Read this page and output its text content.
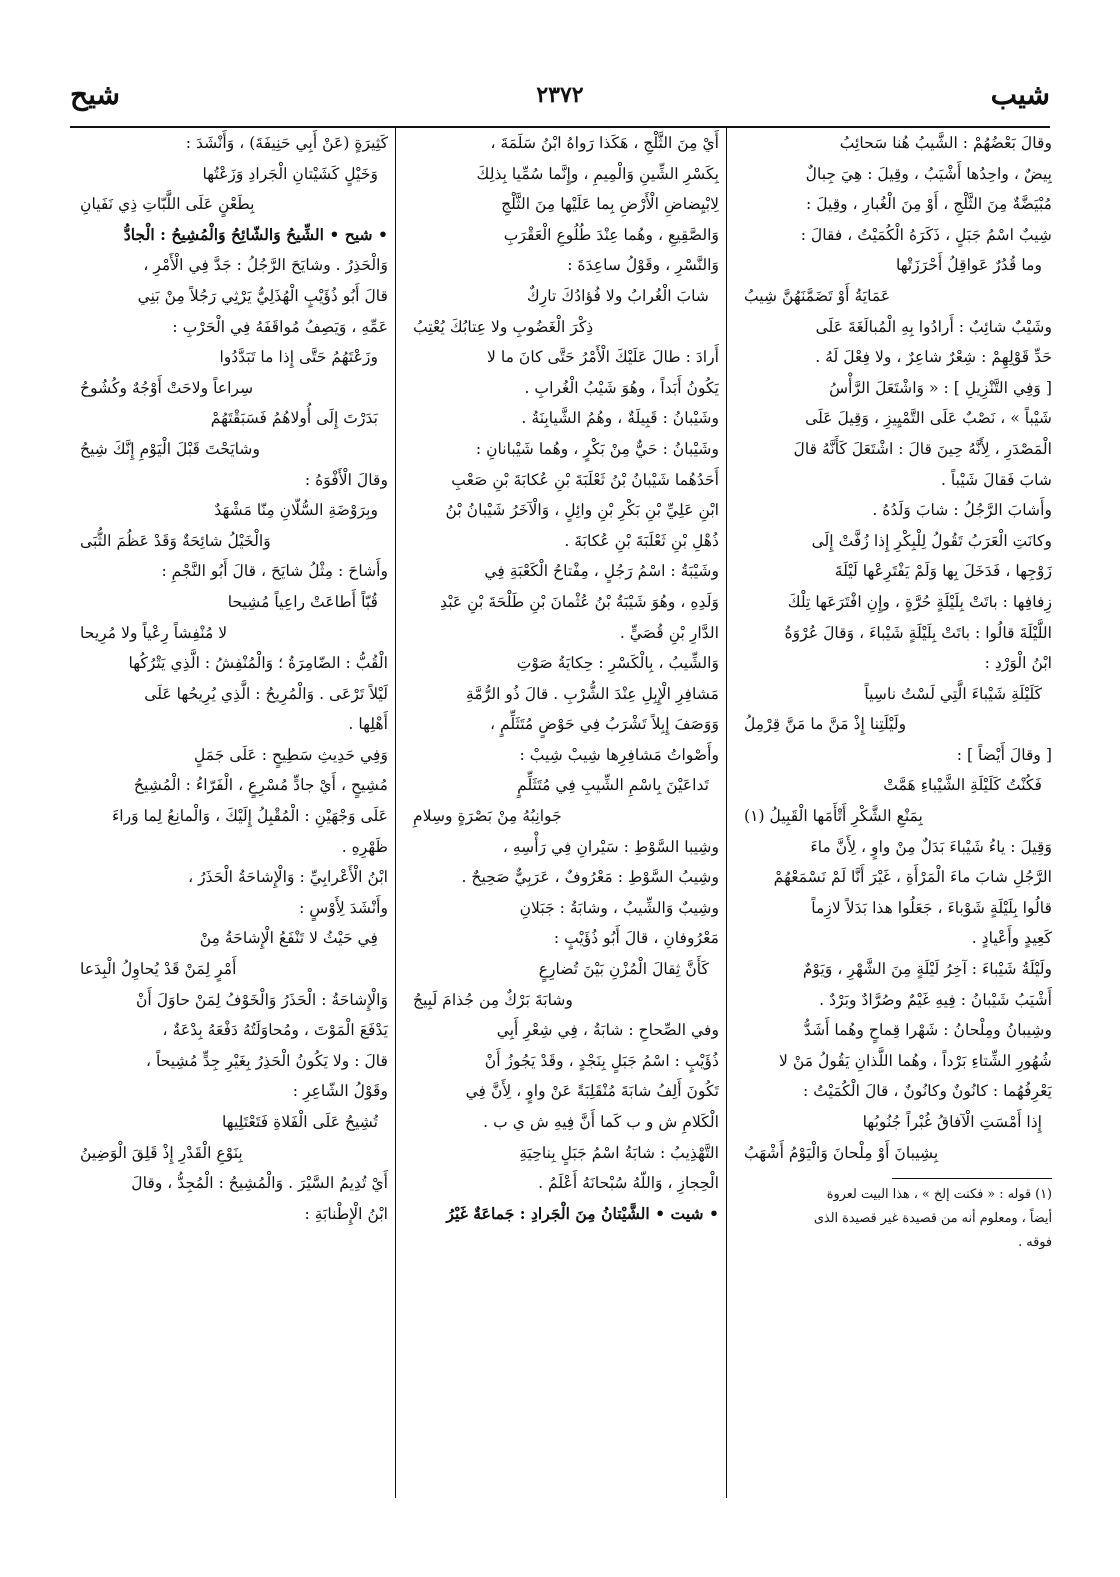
شيب
٢٣٧٢
شيح

وقالَ بَعْضُهُمْ : الشَّيبُ هُنا سَحائِبُ

بِيضٌ ، واحِدُها أَشْيَبُ ، وقِيلَ : هِيَ جِبالٌ

مُبْيَضَّةٌ مِنَ الثَّلْجِ ، أَوْ مِنَ الْغُبارِ ، وقِيلَ :

شِيبٌ اسْمُ جَبَلٍ ، ذَكَرَهُ الْكُمَيْتُ ، فقالَ :

وما قُدُرٌ عَواقِلُ أَحْرَزَتْها

عَمَايَةُ أَوْ تَضَمَّنَهُنَّ شِيبُ

وشَيْبٌ شائِبٌ : أَرادُوا بِهِ الْمُبالَغَةَ عَلَى

حَدِّ قَوْلِهِمْ : شِعْرٌ شاعِرٌ ، ولا فِعْلَ لَهُ .

[ وَفِي التَّنْزِيلِ ] : « وَاشْتَعَلَ الرَّأْسُ

شَيْباً » ، نَصْبٌ عَلَى التَّمْيِيزِ ، وَقِيلَ عَلَى

الْمَصْدَرِ ، لِأَنَّهُ حِينَ قالَ : اشْتَعَلَ كَأَنَّهُ قالَ

شابَ فَقالَ شَيْباً .

وأَشابَ الرَّجُلُ : شابَ وَلَدُهُ .

وكانَتِ الْعَرَبُ تَقُولُ لِلْبِكْرِ إِذا زُفَّتْ إِلَى

زَوْجِها ، فَدَخَلَ بِها وَلَمْ يَفْتَرِعْها لَيْلَةَ

زِفافِها : باتَتْ بِلَيْلَةٍ حُرَّةٍ ، وإِنِ افْتَرَعَها تِلْكَ

اللَّيْلَةَ قالُوا : باتَتْ بِلَيْلَةٍ شَيْباءَ ، وَقالَ عُرْوَةُ

ابْنُ الْوَرْدِ :

كَلَيْلَةِ شَيْباءَ الَّتِي لَسْتُ ناسِياً

ولَيْلَتِنا إِذْ مَنَّ ما مَنَّ قِرْمِلُ

[ وقالَ أَيْضاً ] :

فَكُنْتُ كَلَيْلَةِ الشَّيْباءِ هَمَّتْ

بِمَنْعِ الشَّكْرِ أَتْأَمَها الْقَبِيلُ (١)

وَقِيلَ : ياءُ شَيْباءَ بَدَلٌ مِنْ واوٍ ، لِأَنَّ ماءَ

الرَّجُلِ شابَ ماءَ الْمَرْأَةِ ، غَيْرَ أَنَّا لَمْ نَسْمَعْهُمْ

قالُوا بِلَيْلَةٍ شَوْباءَ ، جَعَلُوا هذا بَدَلاً لازِماً

كَعِيدٍ وأَعْيادٍ .

ولَيْلَةُ شَيْباءَ : آخِرُ لَيْلَةٍ مِنَ الشَّهْرِ ، وَيَوْمٌ

أَشْيَبُ شَيْبانُ : فِيهِ غَيْمٌ وصُرَّادٌ وبَرْدٌ .

وشِيبانُ ومِلْحانُ : شَهْرا قِماحٍ وهُما أَشَدُّ

شُهُورِ الشِّتاءِ بَرْداً ، وهُما اللَّذانِ يَقُولُ مَنْ لا

يَعْرِفُهُما : كانُونٌ وكانُونٌ ، قالَ الْكُمَيْتُ :

إِذا أَمْسَتِ الْآفاقُ غُبْراً جُنُوبُها

بِشِيبانَ أَوْ مِلْحانَ وَالْيَوْمُ أَشْهَبُ

(١) قوله : « فكنت إلخ » ، هذا البيت لعروة

أيضاً ، ومعلوم أنه من قصيدة غير قصيدة الذى

فوقه .

أَيْ مِنَ الثَّلْجِ ، هَكَذا رَواهُ ابْنُ سَلَمَةَ ،

بِكَسْرِ الشِّينِ وَالْمِيمِ ، وإِنَّما سُمِّيا بِذلِكَ

لِابْيِضاضِ الْأَرْضِ بِما عَلَيْها مِنَ الثَّلْجِ

وَالصَّقِيعِ ، وهُما عِنْدَ طُلُوعِ الْعَقْرَبِ

وَالنَّسْرِ ، وقَوْلُ ساعِدَةَ :

شابَ الْغُرابُ ولا فُؤادُكَ تارِكٌ

ذِكْرَ الْغَضُوبِ ولا عِتابُكَ يُعْتِبُ

أَرادَ : طالَ عَلَيْكَ الْأَمْرُ حَتَّى كانَ ما لا

يَكُونُ أَبَداً ، وهُوَ شَيْبُ الْغُرابِ .

وشَيْبانُ : قَبِيلَةٌ ، وهُمُ الشَّيابِنَةُ .

وشَيْبانُ : حَيٌّ مِنْ بَكْرٍ ، وهُما شَيْبانانِ :

أَحَدُهُما شَيْبانُ بْنُ ثَعْلَبَةَ بْنِ عُكابَةَ بْنِ صَعْبِ

ابْنِ عَلِيِّ بْنِ بَكْرِ بْنِ وائِلٍ ، وَالْآخَرُ شَيْبانُ بْنُ

ذُهْلِ بْنِ ثَعْلَبَةَ بْنِ عُكابَةَ .

وشَيْبَةُ : اسْمُ رَجُلٍ ، مِفْتاحُ الْكَعْبَةِ فِي

وَلَدِهِ ، وهُوَ شَيْبَةُ بْنُ عُثْمانَ بْنِ طَلْحَةَ بْنِ عَبْدِ

الدَّارِ بْنِ قُصَيٍّ .

وَالشِّيبُ ، بِالْكَسْرِ : حِكايَةُ صَوْتِ

مَشافِرِ الْإِبِلِ عِنْدَ الشُّرْبِ . قالَ ذُو الرُّمَّةِ

وَوَصَفَ إِبِلاً تَشْرَبُ فِي حَوْضٍ مُتَثَلِّمٍ ،

وأَصْواتُ مَشافِرِها شِيبْ شِيبْ :

تَداعَيْنَ بِاسْمِ الشِّيبِ فِي مُتَثَلِّمٍ

جَوانِبُهُ مِنْ بَصْرَةٍ وسِلامِ

وشِيبا السَّوْطِ : سَيْرانِ فِي رَأْسِهِ ،

وشِيبُ السَّوْطِ : مَعْرُوفٌ ، عَرَبِيٌّ صَحِيحٌ .

وشِيبٌ وَالشِّيبُ ، وشابَةُ : جَبَلانِ

مَعْرُوفانِ ، قالَ أَبُو ذُؤَيْبٍ :

كَأَنَّ ثِقالَ الْمُزْنِ بَيْنَ تُضارِعٍ

وشابَةَ بَرْكٌ مِن جُذامَ لَبِيجُ

وفي الصِّحاحِ : شابَةُ ، فِي شِعْرِ أَبِي

ذُؤَيْبٍ : اسْمُ جَبَلٍ بِنَجْدٍ ، وقَدْ يَجُوزُ أَنْ

تَكُونَ أَلِفُ شابَةَ مُنْقَلِبَةً عَنْ واوٍ ، لِأَنَّ فِي

الْكَلامِ ش و ب كَما أَنَّ فِيهِ ش ي ب .

التَّهْذِيبُ : شابَةُ اسْمُ جَبَلٍ بِناحِيَةِ

الْحِجازِ ، وَاللّهُ سُبْحانَهُ أَعْلَمُ .

• شيت • الشَّيْتانُ مِنَ الْجَرادِ : جَماعَةٌ غَيْرُ

كَثِيرَةٍ (عَنْ أَبِي حَنِيفَةَ) ، وَأَنْشَدَ :

وَخَيْلٍ كَشَيْتانِ الْجَرادِ وَزَعْتُها

بِطَعْنٍ عَلَى اللَّبّاتِ ذِي نَفَيانِ

• شيح • الشِّيحُ وَالشّائِحُ وَالْمُشِيحُ : الْجادُّ

وَالْحَذِرُ . وشايَحَ الرَّجُلُ : جَدَّ فِي الْأَمْرِ ،

قالَ أَبُو ذُؤَيْبٍ الْهُذَلِيُّ يَرْثِي رَجُلاً مِنْ بَنِي

عَمِّهِ ، وَيَصِفُ مُواقَفَهُ فِي الْحَرْبِ :

وزَعْتَهُمُ حَتَّى إِذا ما تَبَدَّدُوا

سِراعاً ولاحَتْ أَوْجُهٌ وكُشُوحُ

بَدَرْتَ إِلَى أُولاهُمُ فَسَبَقْتَهُمْ

وشايَحْتَ قَبْلَ الْيَوْمِ إِنَّكَ شِيحُ

وقالَ الْأَفْوَهُ :

وبِرَوْضَةِ السُّلّانِ مِنّا مَشْهَدٌ

وَالْخَيْلُ شائِحَةٌ وَقَدْ عَظُمَ الثُّبَى

وأَشاحَ : مِثْلُ شايَحَ ، قالَ أَبُو النَّجْمِ :

قُبّاً أَطاعَتْ راعِياً مُشِيحا

لا مُنْفِشاً رِعْياً ولا مُرِيحا

الْقُبُّ : الضّامِرَةُ ؛ وَالْمُنْفِشُ : الَّذِي يَتْرُكُها

لَيْلاً تَرْعَى . وَالْمُرِيحُ : الَّذِي يُرِيحُها عَلَى

أَهْلِها .

وَفِي حَدِيثِ سَطِيحٍ : عَلَى جَمَلٍ

مُشِيحٍ ، أَيْ جادٍّ مُسْرِعٍ ، الْفَرّاءُ : الْمُشِيحُ

عَلَى وَجْهَيْنِ : الْمُقْبِلُ إِلَيْكَ ، وَالْمانِعُ لِما وَراءَ

ظَهْرِهِ .

ابْنُ الْأَعْرابِيِّ : وَالْإِشاحَةُ الْحَذَرُ ،

وأَنْشَدَ لِأَوْسٍ :

فِي حَيْثُ لا تَنْفَعُ الْإِشاحَةُ مِنْ

أَمْرٍ لِمَنْ قَدْ يُحاوِلُ الْبِدَعا

وَالْإِشاحَةُ : الْحَذَرُ وَالْخَوْفُ لِمَنْ حاوَلَ أَنْ

يَدْفَعَ الْمَوْتَ ، ومُحاوَلَتُهُ دَفْعَهُ بِدْعَةٌ ،

قالَ : ولا يَكُونُ الْحَذِرُ بِغَيْرِ جِدٍّ مُشِيحاً ،

وقَوْلُ الشّاعِرِ :

تُشِيحُ عَلَى الْفَلاةِ فَتَعْتَلِيها

بِنَوْعِ الْقَدْرِ إِذْ قَلِقَ الْوَضِينُ

أَيْ تُدِيمُ السَّيْرَ . وَالْمُشِيحُ : الْمُجِدُّ ، وقالَ

ابْنُ الْإِطْنابَةِ :
